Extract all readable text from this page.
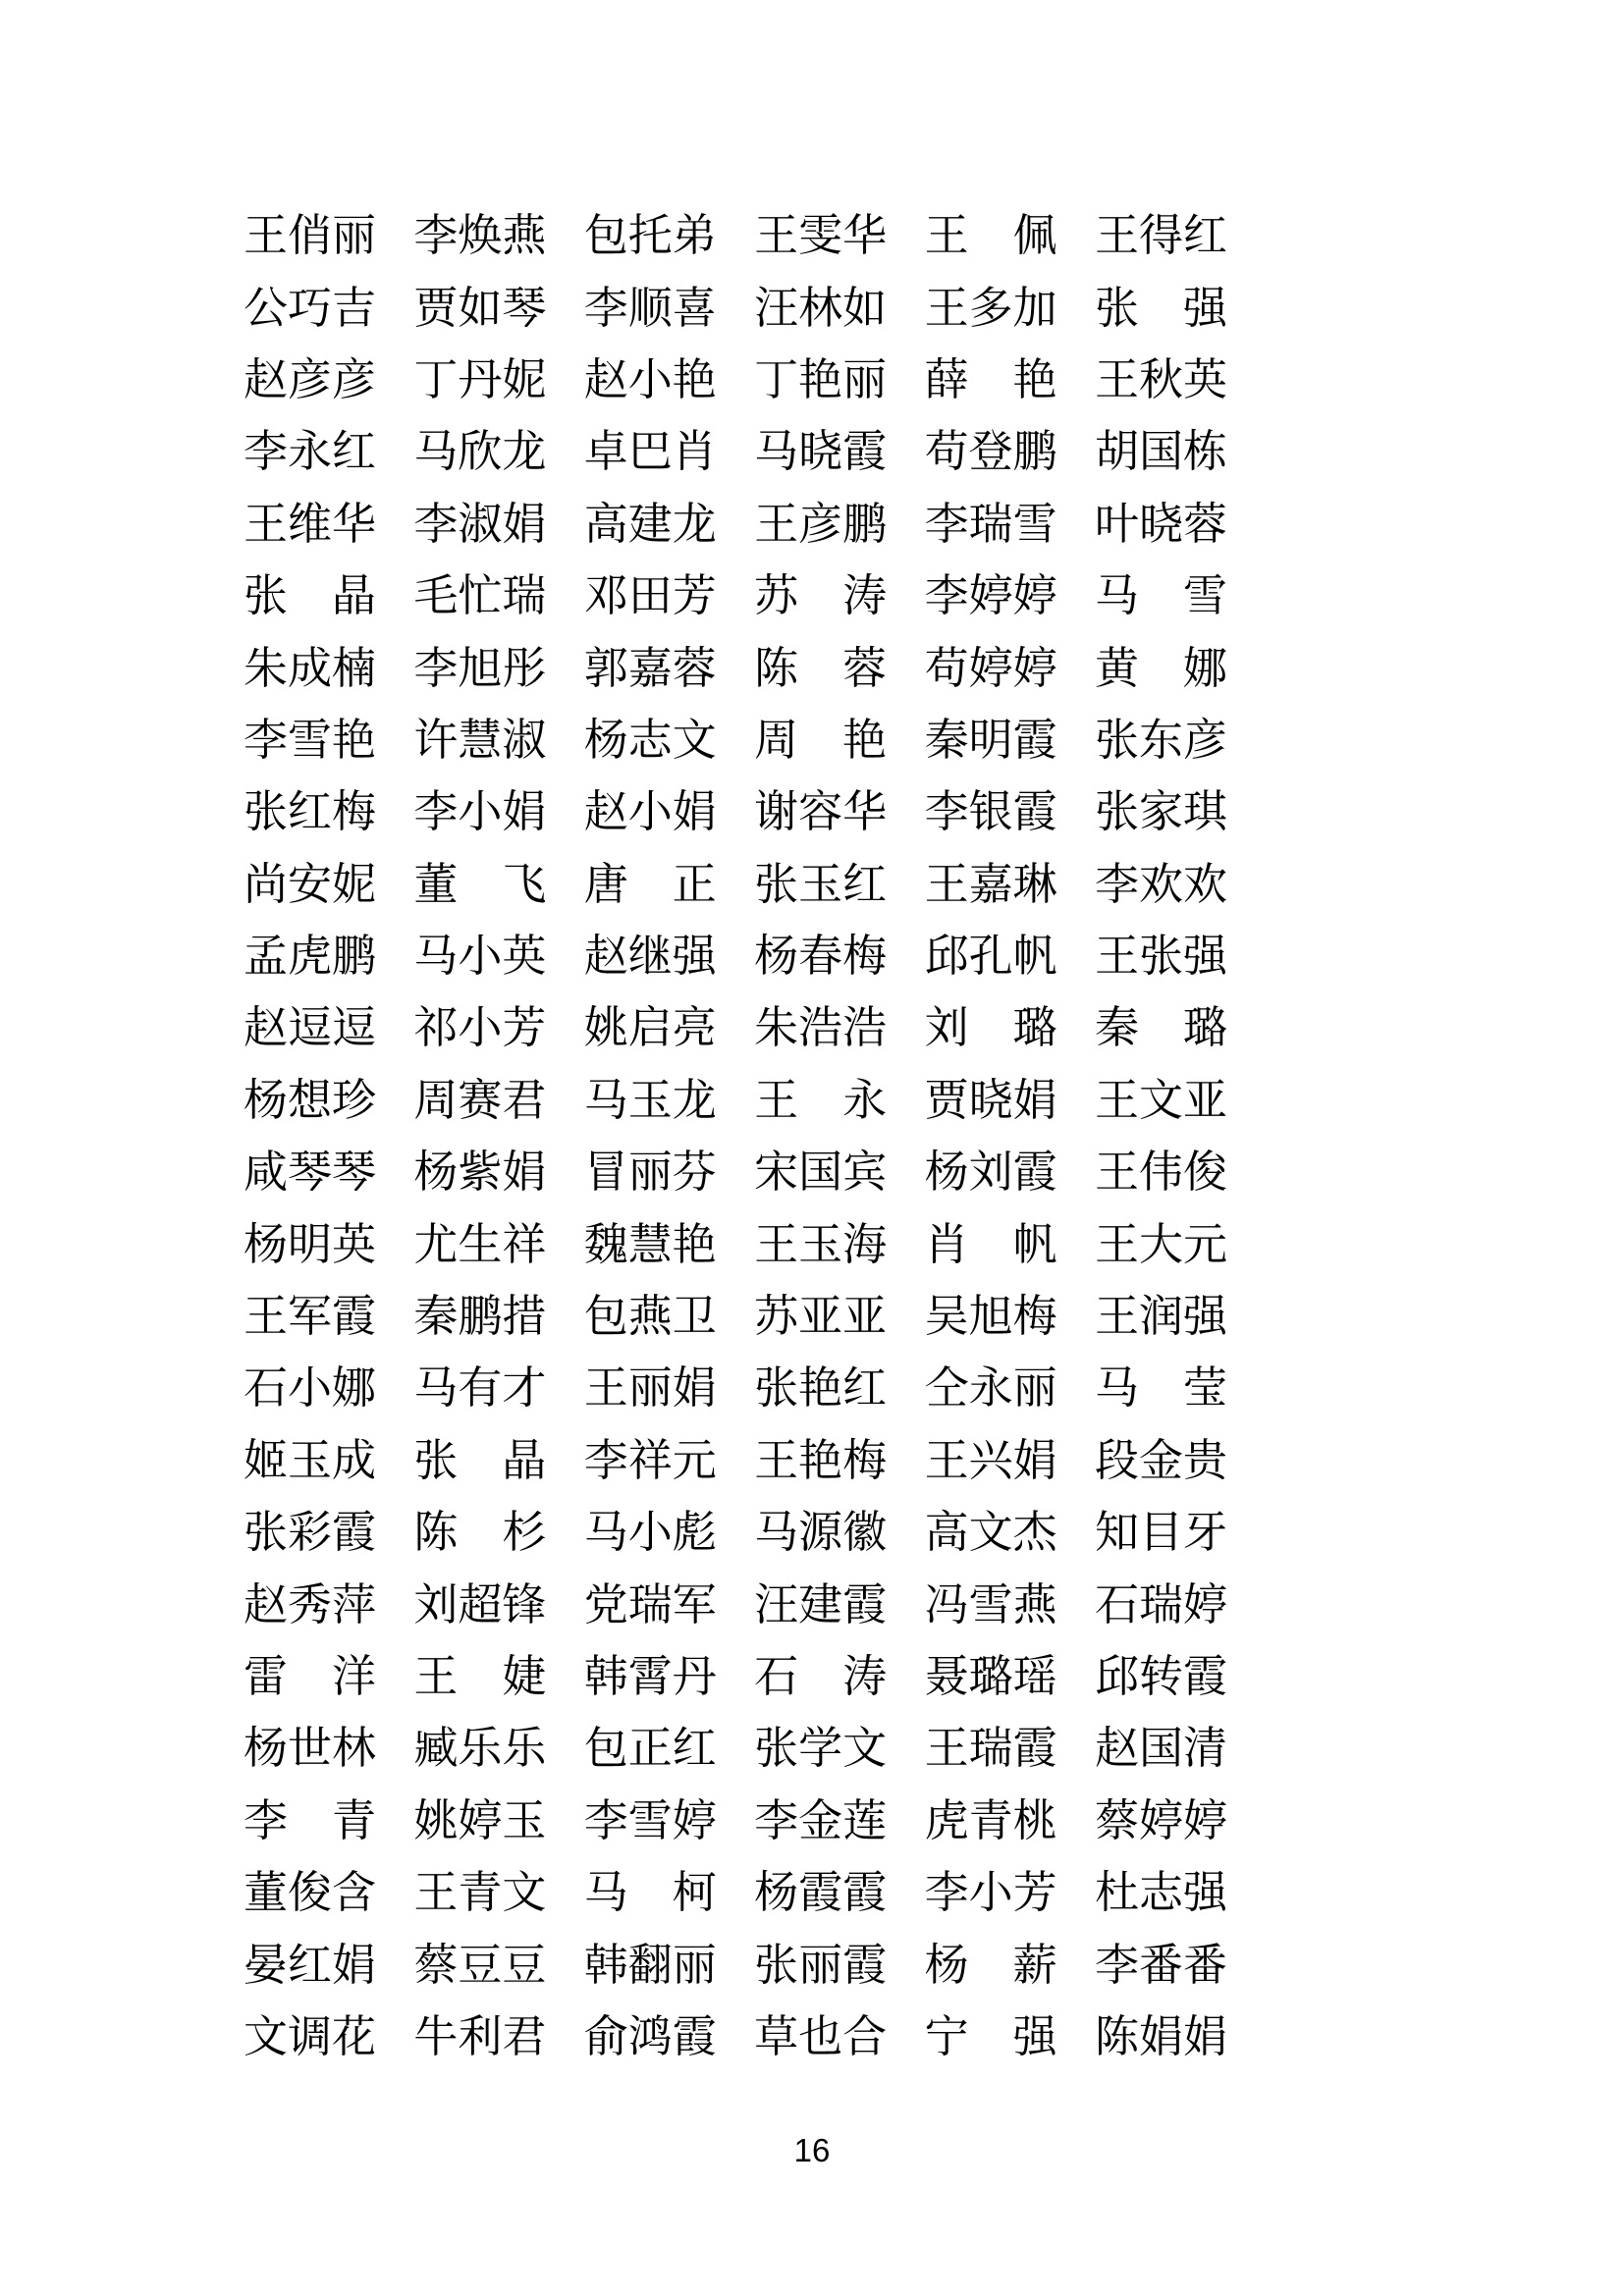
王俏丽 李焕燕 包托弟 王雯华 王　佩 王得红
公巧吉 贾如琴 李顺喜 汪林如 王多加 张　强
赵彦彦 丁丹妮 赵小艳 丁艳丽 薛　艳 王秋英
李永红 马欣龙 卓巴肖 马晓霞 苟登鹏 胡国栋
王维华 李淑娟 高建龙 王彦鹏 李瑞雪 叶晓蓉
张　晶 毛忙瑞 邓田芳 苏　涛 李婷婷 马　雪
朱成楠 李旭彤 郭嘉蓉 陈　蓉 苟婷婷 黄　娜
李雪艳 许慧淑 杨志文 周　艳 秦明霞 张东彦
张红梅 李小娟 赵小娟 谢容华 李银霞 张家琪
尚安妮 董　飞 唐　正 张玉红 王嘉琳 李欢欢
孟虎鹏 马小英 赵继强 杨春梅 邱孔帆 王张强
赵逗逗 祁小芳 姚启亮 朱浩浩 刘　璐 秦　璐
杨想珍 周赛君 马玉龙 王　永 贾晓娟 王文亚
咸琴琴 杨紫娟 冒丽芬 宋国宾 杨刘霞 王伟俊
杨明英 尤生祥 魏慧艳 王玉海 肖　帆 王大元
王军霞 秦鹏措 包燕卫 苏亚亚 吴旭梅 王润强
石小娜 马有才 王丽娟 张艳红 仝永丽 马　莹
姬玉成 张　晶 李祥元 王艳梅 王兴娟 段金贵
张彩霞 陈　杉 马小彪 马源徽 高文杰 知目牙
赵秀萍 刘超锋 党瑞军 汪建霞 冯雪燕 石瑞婷
雷　洋 王　婕 韩霄丹 石　涛 聂璐瑶 邱转霞
杨世林 臧乐乐 包正红 张学文 王瑞霞 赵国清
李　青 姚婷玉 李雪婷 李金莲 虎青桃 蔡婷婷
董俊含 王青文 马　柯 杨霞霞 李小芳 杜志强
晏红娟 蔡豆豆 韩翻丽 张丽霞 杨　薪 李番番
文调花 牛利君 俞鸿霞 草也合 宁　强 陈娟娟
16
